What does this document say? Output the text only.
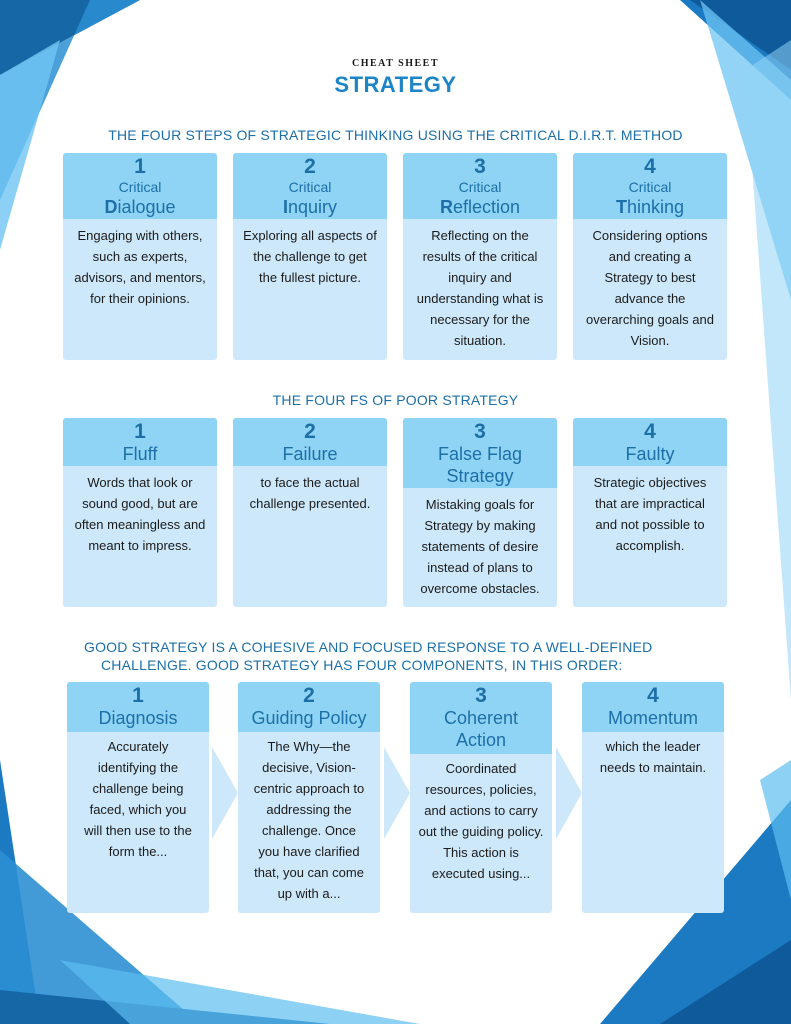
CHEAT SHEET
STRATEGY
THE FOUR STEPS OF STRATEGIC THINKING USING THE CRITICAL D.I.R.T. METHOD
1
Critical
Dialogue
Engaging with others, such as experts, advisors, and mentors, for their opinions.
2
Critical
Inquiry
Exploring all aspects of the challenge to get the fullest picture.
3
Critical
Reflection
Reflecting on the results of the critical inquiry and understanding what is necessary for the situation.
4
Critical
Thinking
Considering options and creating a Strategy to best advance the overarching goals and Vision.
THE FOUR FS OF POOR STRATEGY
1
Fluff
Words that look or sound good, but are often meaningless and meant to impress.
2
Failure
to face the actual challenge presented.
3
False Flag Strategy
Mistaking goals for Strategy by making statements of desire instead of plans to overcome obstacles.
4
Faulty
Strategic objectives that are impractical and not possible to accomplish.
GOOD STRATEGY IS A COHESIVE AND FOCUSED RESPONSE TO A WELL-DEFINED
CHALLENGE. GOOD STRATEGY HAS FOUR COMPONENTS, IN THIS ORDER:
1
Diagnosis
Accurately identifying the challenge being faced, which you will then use to the form the...
2
Guiding Policy
The Why—the decisive, Vision-centric approach to addressing the challenge. Once you have clarified that, you can come up with a...
3
Coherent Action
Coordinated resources, policies, and actions to carry out the guiding policy. This action is executed using...
4
Momentum
which the leader needs to maintain.
